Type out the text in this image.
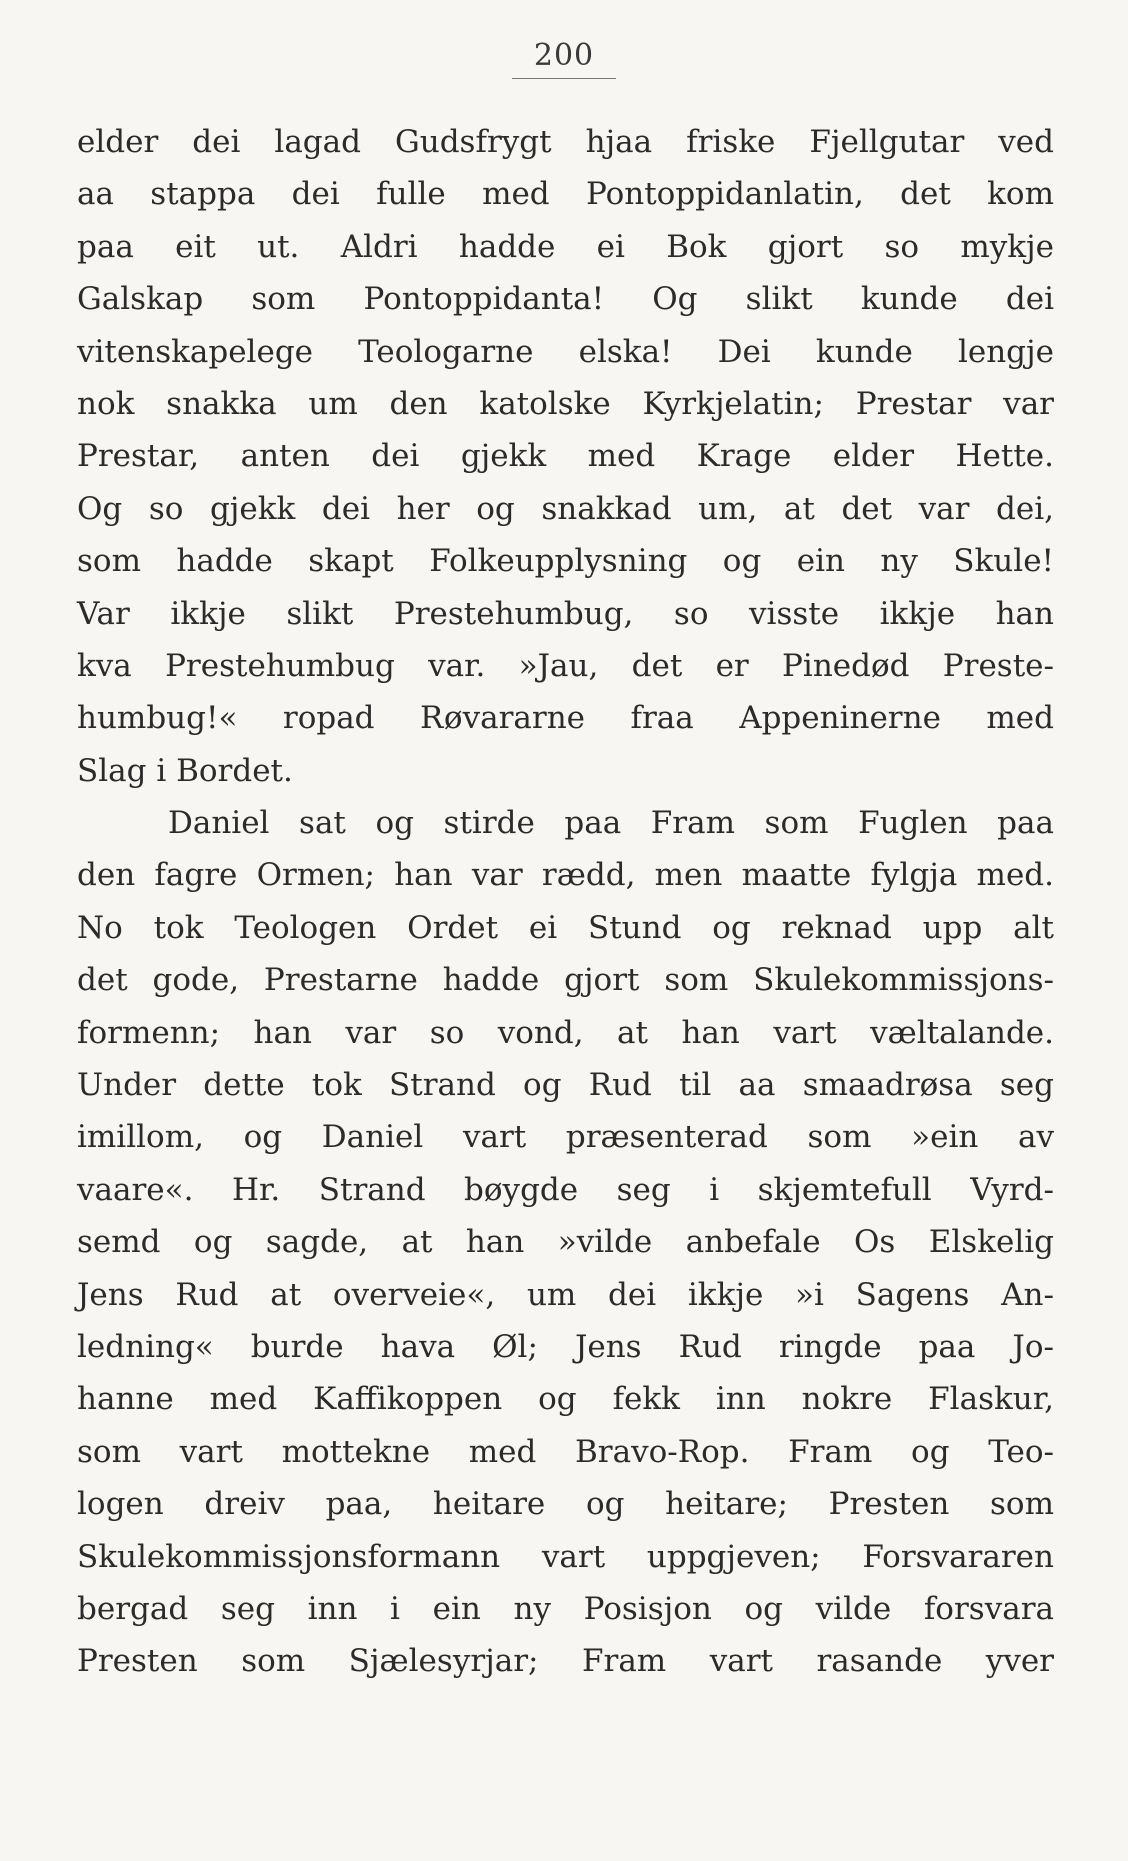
200
elder dei lagad Gudsfrygt hjaa friske Fjellgutar ved
aa stappa dei fulle med Pontoppidanlatin, det kom
paa eit ut. Aldri hadde ei Bok gjort so mykje
Galskap som Pontoppidanta! Og slikt kunde dei
vitenskapelege Teologarne elska! Dei kunde lengje
nok snakka um den katolske Kyrkjelatin; Prestar var
Prestar, anten dei gjekk med Krage elder Hette.
Og so gjekk dei her og snakkad um, at det var dei,
som hadde skapt Folkeupplysning og ein ny Skule!
Var ikkje slikt Prestehumbug, so visste ikkje han
kva Prestehumbug var. »Jau, det er Pinedød Preste-
humbug!« ropad Røvararne fraa Appeninerne med
Slag i Bordet.
Daniel sat og stirde paa Fram som Fuglen paa
den fagre Ormen; han var rædd, men maatte fylgja med.
No tok Teologen Ordet ei Stund og reknad upp alt
det gode, Prestarne hadde gjort som Skulekommissjons-
formenn; han var so vond, at han vart væltalande.
Under dette tok Strand og Rud til aa smaadrøsa seg
imillom, og Daniel vart præsenterad som »ein av
vaare«. Hr. Strand bøygde seg i skjemtefull Vyrd-
semd og sagde, at han »vilde anbefale Os Elskelig
Jens Rud at overveie«, um dei ikkje »i Sagens An-
ledning« burde hava Øl; Jens Rud ringde paa Jo-
hanne med Kaffikoppen og fekk inn nokre Flaskur,
som vart mottekne med Bravo-Rop. Fram og Teo-
logen dreiv paa, heitare og heitare; Presten som
Skulekommissjonsformann vart uppgjeven; Forsvararen
bergad seg inn i ein ny Posisjon og vilde forsvara
Presten som Sjælesyrjar; Fram vart rasande yver
